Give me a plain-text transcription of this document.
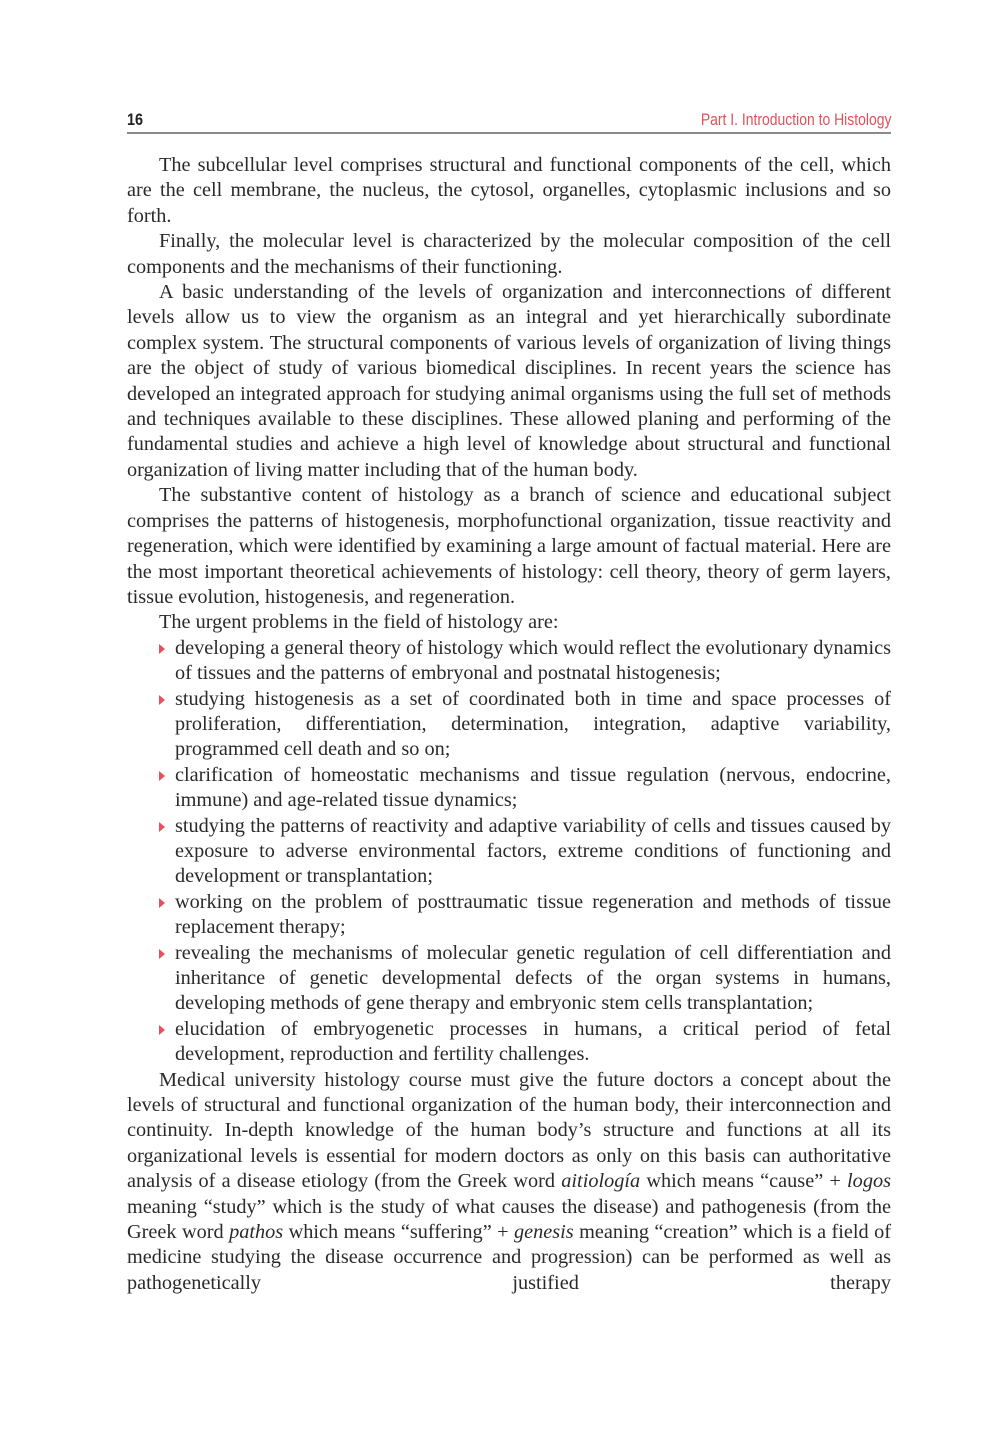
16	Part I. Introduction to Histology

The subcellular level comprises structural and functional components of the cell, which are the cell membrane, the nucleus, the cytosol, organelles, cytoplasmic inclusions and so forth.

Finally, the molecular level is characterized by the molecular composition of the cell components and the mechanisms of their functioning.

A basic understanding of the levels of organization and interconnections of different levels allow us to view the organism as an integral and yet hierarchically subordinate complex system. The structural components of various levels of organization of living things are the object of study of various biomedical disciplines. In recent years the science has developed an integrated approach for studying animal organisms using the full set of methods and techniques available to these disciplines. These allowed planing and performing of the fundamental studies and achieve a high level of knowledge about structural and functional organization of living matter including that of the human body.

The substantive content of histology as a branch of science and educational subject comprises the patterns of histogenesis, morphofunctional organization, tissue reactivity and regeneration, which were identified by examining a large amount of factual material. Here are the most important theoretical achievements of histology: cell theory, theory of germ layers, tissue evolution, histogenesis, and regeneration.

The urgent problems in the field of histology are:

developing a general theory of histology which would reflect the evolutionary dynamics of tissues and the patterns of embryonal and postnatal histogenesis;
studying histogenesis as a set of coordinated both in time and space processes of proliferation, differentiation, determination, integration, adaptive variability, programmed cell death and so on;
clarification of homeostatic mechanisms and tissue regulation (nervous, endocrine, immune) and age-related tissue dynamics;
studying the patterns of reactivity and adaptive variability of cells and tissues caused by exposure to adverse environmental factors, extreme conditions of functioning and development or transplantation;
working on the problem of posttraumatic tissue regeneration and methods of tissue replacement therapy;
revealing the mechanisms of molecular genetic regulation of cell differentiation and inheritance of genetic developmental defects of the organ systems in humans, developing methods of gene therapy and embryonic stem cells transplantation;
elucidation of embryogenetic processes in humans, a critical period of fetal development, reproduction and fertility challenges.

Medical university histology course must give the future doctors a concept about the levels of structural and functional organization of the human body, their interconnection and continuity. In-depth knowledge of the human body’s structure and functions at all its organizational levels is essential for modern doctors as only on this basis can authoritative analysis of a disease etiology (from the Greek word aitiología which means “cause” + logos meaning “study” which is the study of what causes the disease) and pathogenesis (from the Greek word pathos which means “suffering” + genesis meaning “creation” which is a field of medicine studying the disease occurrence and progression) can be performed as well as pathogenetically justified therapy
